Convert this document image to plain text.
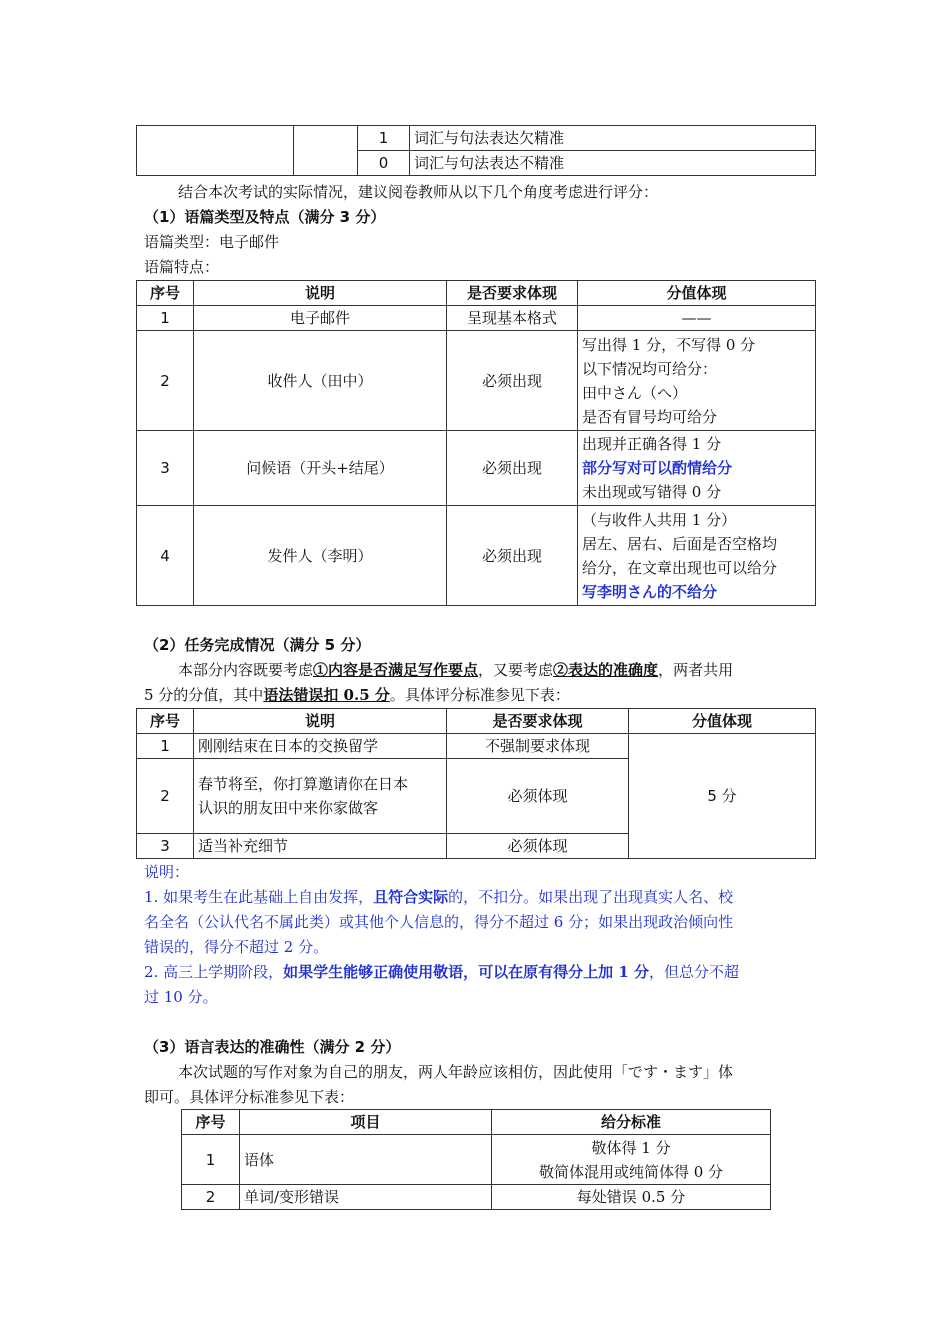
		1	词汇与句法表达欠精准
		0	词汇与句法表达不精准
结合本次考试的实际情况，建议阅卷教师从以下几个角度考虑进行评分：
（1）语篇类型及特点（满分 3 分）
语篇类型：电子邮件
语篇特点：
序号	说明	是否要求体现	分值体现
1	电子邮件	呈现基本格式	——

2	收件人（田中）	必须出现	写出得 1 分，不写得 0 分
以下情况均可给分：
田中さん（へ）
是否有冒号均可给分

3	问候语（开头+结尾）	必须出现	出现并正确各得 1 分
部分写对可以酌情给分
未出现或写错得 0 分

4	发件人（李明）	必须出现	（与收件人共用 1 分）
居左、居右、后面是否空格均
给分，在文章出现也可以给分
写李明さん的不给分
（2）任务完成情况（满分 5 分）
本部分内容既要考虑①内容是否满足写作要点，又要考虑②表达的准确度，两者共用
5 分的分值，其中语法错误扣 0.5 分。具体评分标准参见下表：
序号	说明	是否要求体现	分值体现
1	刚刚结束在日本的交换留学	不强制要求体现	5 分
2	春节将至，你打算邀请你在日本
认识的朋友田中来你家做客	必须体现	
3	适当补充细节	必须体现	
说明：
1. 如果考生在此基础上自由发挥，且符合实际的，不扣分。如果出现了出现真实人名、校
名全名（公认代名不属此类）或其他个人信息的，得分不超过 6 分；如果出现政治倾向性
错误的，得分不超过 2 分。
2. 高三上学期阶段，如果学生能够正确使用敬语，可以在原有得分上加 1 分，但总分不超
过 10 分。
（3）语言表达的准确性（满分 2 分）
本次试题的写作对象为自己的朋友，两人年龄应该相仿，因此使用「です・ます」体
即可。具体评分标准参见下表：
序号	项目	给分标准
1	语体	敬体得 1 分
敬简体混用或纯简体得 0 分

2	单词/变形错误	每处错误 0.5 分
